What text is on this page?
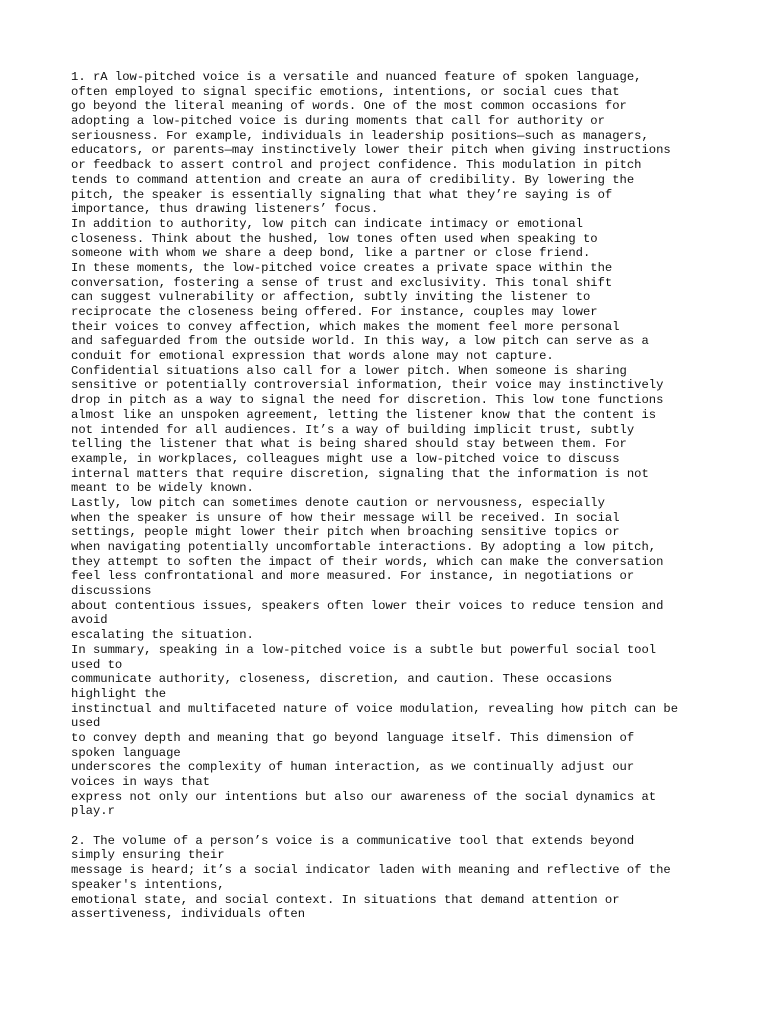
1. rA low-pitched voice is a versatile and nuanced feature of spoken language,
often employed to signal specific emotions, intentions, or social cues that
go beyond the literal meaning of words. One of the most common occasions for
adopting a low-pitched voice is during moments that call for authority or
seriousness. For example, individuals in leadership positions—such as managers,
educators, or parents—may instinctively lower their pitch when giving instructions
or feedback to assert control and project confidence. This modulation in pitch
tends to command attention and create an aura of credibility. By lowering the
pitch, the speaker is essentially signaling that what they’re saying is of
importance, thus drawing listeners’ focus.
In addition to authority, low pitch can indicate intimacy or emotional
closeness. Think about the hushed, low tones often used when speaking to
someone with whom we share a deep bond, like a partner or close friend.
In these moments, the low-pitched voice creates a private space within the
conversation, fostering a sense of trust and exclusivity. This tonal shift
can suggest vulnerability or affection, subtly inviting the listener to
reciprocate the closeness being offered. For instance, couples may lower
their voices to convey affection, which makes the moment feel more personal
and safeguarded from the outside world. In this way, a low pitch can serve as a
conduit for emotional expression that words alone may not capture.
Confidential situations also call for a lower pitch. When someone is sharing
sensitive or potentially controversial information, their voice may instinctively
drop in pitch as a way to signal the need for discretion. This low tone functions
almost like an unspoken agreement, letting the listener know that the content is
not intended for all audiences. It’s a way of building implicit trust, subtly
telling the listener that what is being shared should stay between them. For
example, in workplaces, colleagues might use a low-pitched voice to discuss
internal matters that require discretion, signaling that the information is not
meant to be widely known.
Lastly, low pitch can sometimes denote caution or nervousness, especially
when the speaker is unsure of how their message will be received. In social
settings, people might lower their pitch when broaching sensitive topics or
when navigating potentially uncomfortable interactions. By adopting a low pitch,
they attempt to soften the impact of their words, which can make the conversation
feel less confrontational and more measured. For instance, in negotiations or
discussions
about contentious issues, speakers often lower their voices to reduce tension and
avoid
escalating the situation.
In summary, speaking in a low-pitched voice is a subtle but powerful social tool
used to
communicate authority, closeness, discretion, and caution. These occasions
highlight the
instinctual and multifaceted nature of voice modulation, revealing how pitch can be
used
to convey depth and meaning that go beyond language itself. This dimension of
spoken language
underscores the complexity of human interaction, as we continually adjust our
voices in ways that
express not only our intentions but also our awareness of the social dynamics at
play.r
2. The volume of a person’s voice is a communicative tool that extends beyond
simply ensuring their
message is heard; it’s a social indicator laden with meaning and reflective of the
speaker's intentions,
emotional state, and social context. In situations that demand attention or
assertiveness, individuals often
